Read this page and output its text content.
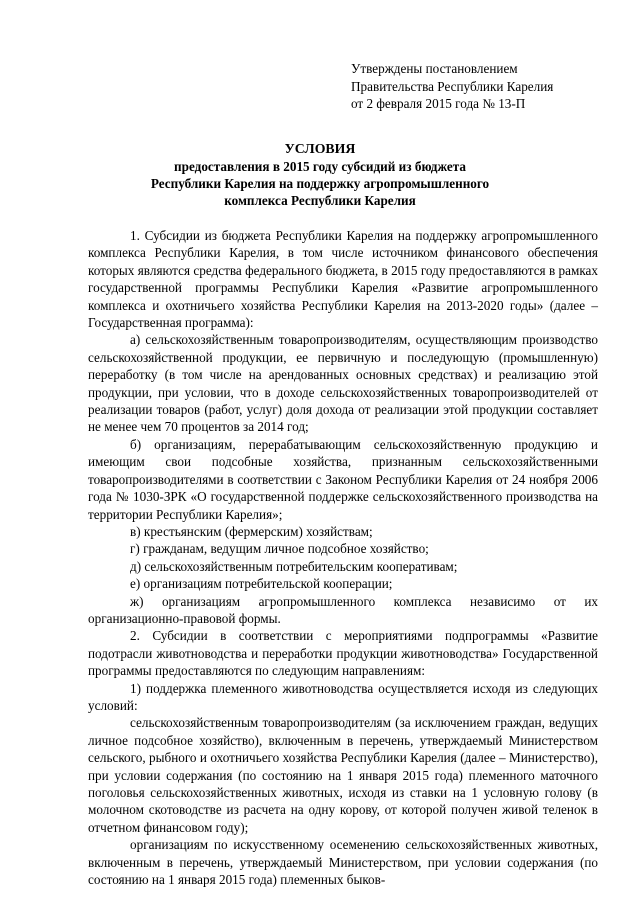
Утверждены постановлением
Правительства Республики Карелия
от 2 февраля 2015 года № 13-П
УСЛОВИЯ
предоставления в 2015 году субсидий из бюджета
Республики Карелия на поддержку агропромышленного
комплекса Республики Карелия

1. Субсидии из бюджета Республики Карелия на поддержку агропромышленного комплекса Республики Карелия, в том числе источником финансового обеспечения которых являются средства федерального бюджета, в 2015 году предоставляются в рамках государственной программы Республики Карелия «Развитие агропромышленного комплекса и охотничьего хозяйства Республики Карелия на 2013-2020 годы» (далее – Государственная программа):

а) сельскохозяйственным товаропроизводителям, осуществляющим производство сельскохозяйственной продукции, ее первичную и последующую (промышленную) переработку (в том числе на арендованных основных средствах) и реализацию этой продукции, при условии, что в доходе сельскохозяйственных товаропроизводителей от реализации товаров (работ, услуг) доля дохода от реализации этой продукции составляет не менее чем 70 процентов за 2014 год;

б) организациям, перерабатывающим сельскохозяйственную продукцию и имеющим свои подсобные хозяйства, признанным сельскохозяйственными товаропроизводителями в соответствии с Законом Республики Карелия от 24 ноября 2006 года № 1030-ЗРК «О государственной поддержке сельскохозяйственного производства на территории Республики Карелия»;

в) крестьянским (фермерским) хозяйствам;

г) гражданам, ведущим личное подсобное хозяйство;

д) сельскохозяйственным потребительским кооперативам;

е) организациям потребительской кооперации;

ж) организациям агропромышленного комплекса независимо от их организационно-правовой формы.

2. Субсидии в соответствии с мероприятиями подпрограммы «Развитие подотрасли животноводства и переработки продукции животноводства» Государственной программы предоставляются по следующим направлениям:

1) поддержка племенного животноводства осуществляется исходя из следующих условий:

сельскохозяйственным товаропроизводителям (за исключением граждан, ведущих личное подсобное хозяйство), включенным в перечень, утверждаемый Министерством сельского, рыбного и охотничьего хозяйства Республики Карелия (далее – Министерство), при условии содержания (по состоянию на 1 января 2015 года) племенного маточного поголовья сельскохозяйственных животных, исходя из ставки на 1 условную голову (в молочном скотоводстве из расчета на одну корову, от которой получен живой теленок в отчетном финансовом году);

организациям по искусственному осеменению сельскохозяйственных животных, включенным в перечень, утверждаемый Министерством, при условии содержания (по состоянию на 1 января 2015 года) племенных быков-
